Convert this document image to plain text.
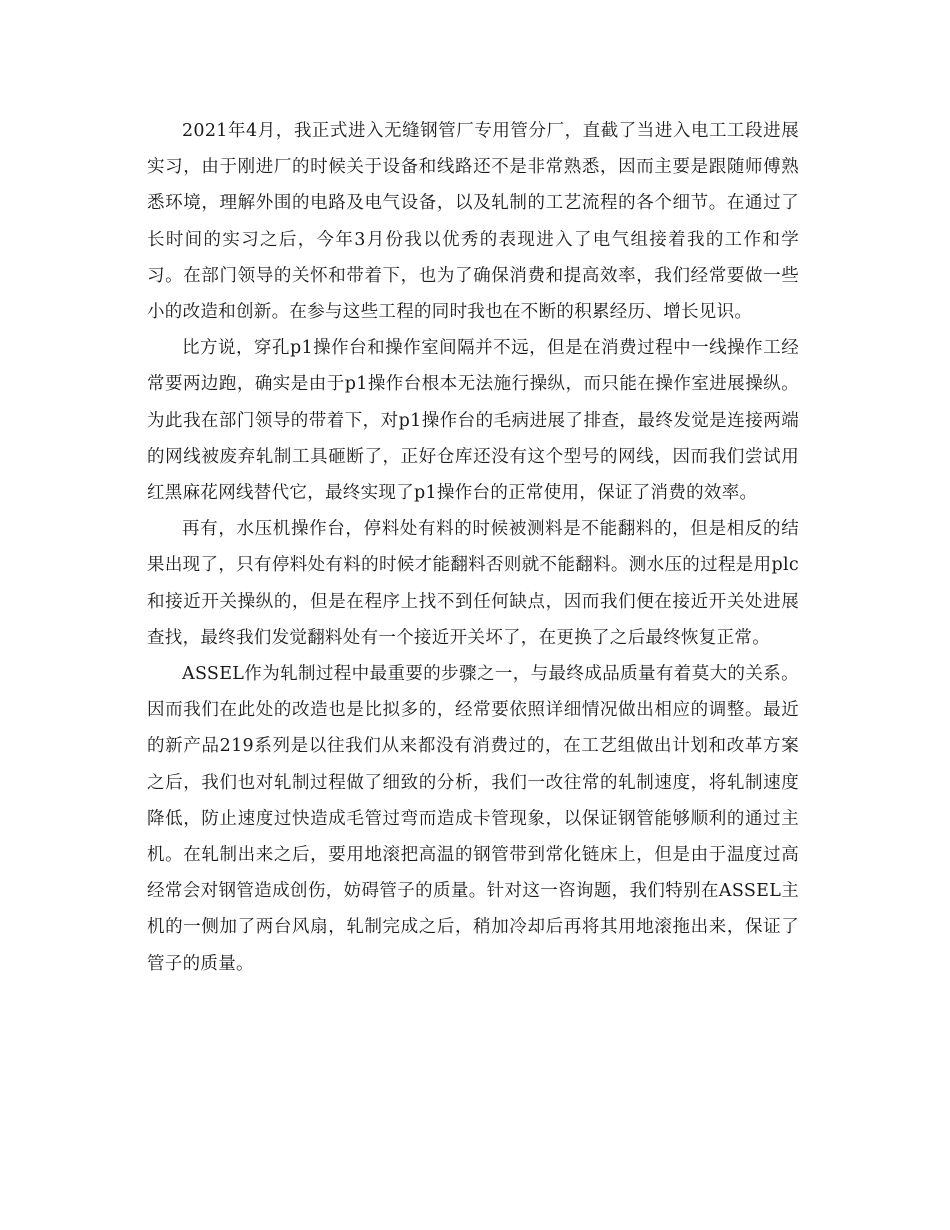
2021年4月，我正式进入无缝钢管厂专用管分厂，直截了当进入电工工段进展实习，由于刚进厂的时候关于设备和线路还不是非常熟悉，因而主要是跟随师傅熟悉环境，理解外围的电路及电气设备，以及轧制的工艺流程的各个细节。在通过了长时间的实习之后，今年3月份我以优秀的表现进入了电气组接着我的工作和学习。在部门领导的关怀和带着下，也为了确保消费和提高效率，我们经常要做一些小的改造和创新。在参与这些工程的同时我也在不断的积累经历、增长见识。

比方说，穿孔p1操作台和操作室间隔并不远，但是在消费过程中一线操作工经常要两边跑，确实是由于p1操作台根本无法施行操纵，而只能在操作室进展操纵。为此我在部门领导的带着下，对p1操作台的毛病进展了排查，最终发觉是连接两端的网线被废弃轧制工具砸断了，正好仓库还没有这个型号的网线，因而我们尝试用红黑麻花网线替代它，最终实现了p1操作台的正常使用，保证了消费的效率。

再有，水压机操作台，停料处有料的时候被测料是不能翻料的，但是相反的结果出现了，只有停料处有料的时候才能翻料否则就不能翻料。测水压的过程是用plc和接近开关操纵的，但是在程序上找不到任何缺点，因而我们便在接近开关处进展查找，最终我们发觉翻料处有一个接近开关坏了，在更换了之后最终恢复正常。

ASSEL作为轧制过程中最重要的步骤之一，与最终成品质量有着莫大的关系。因而我们在此处的改造也是比拟多的，经常要依照详细情况做出相应的调整。最近的新产品219系列是以往我们从来都没有消费过的，在工艺组做出计划和改革方案之后，我们也对轧制过程做了细致的分析，我们一改往常的轧制速度，将轧制速度降低，防止速度过快造成毛管过弯而造成卡管现象，以保证钢管能够顺利的通过主机。在轧制出来之后，要用地滚把高温的钢管带到常化链床上，但是由于温度过高经常会对钢管造成创伤，妨碍管子的质量。针对这一咨询题，我们特别在ASSEL主机的一侧加了两台风扇，轧制完成之后，稍加冷却后再将其用地滚拖出来，保证了管子的质量。
